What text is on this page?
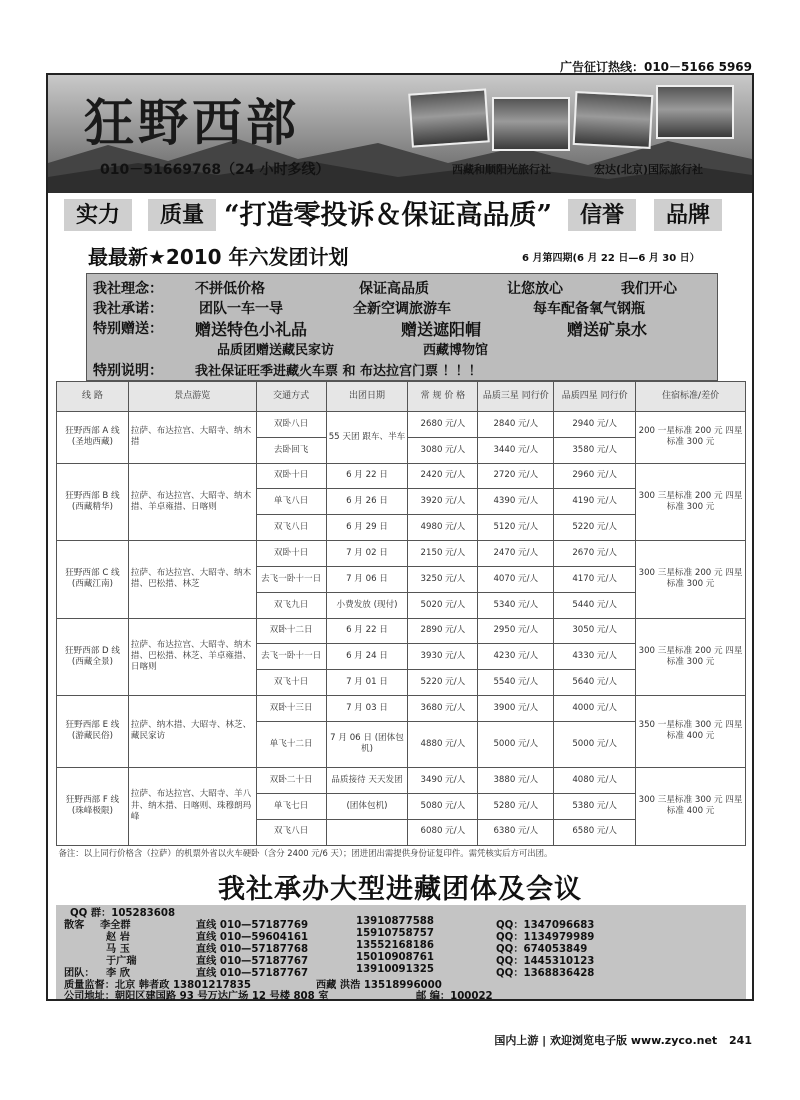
广告征订热线：010－5166 5969
狂野西部
010－51669768（24 小时多线）	西藏和顺阳光旅行社	宏达(北京)国际旅行社
实力	质量 “打造零投诉＆保证高品质”	信誉	品牌
最最新★2010 年六发团计划	6 月第四期(6 月 22 日—6 月 30 日）
我社理念： 不拼低价格	保证高品质	让您放心	我们开心
我社承诺：	团队一车一导	全新空调旅游车	每车配备氧气钢瓶
特别赠送： 赠送特色小礼品	赠送遮阳帽	赠送矿泉水
品质团赠送藏民家访	西藏博物馆
特别说明： 我社保证旺季进藏火车票 和 布达拉宫门票 ！！！
线 路	景点游览	交通方式	出团日期	常 规 价 格	品质三星 同行价	品质四星 同行价	住宿标准/差价
狂野西部 A 线 (圣地西藏)	拉萨、布达拉宫、大昭寺、纳木措	双卧八日	55 天团 跟车、半车	2680 元/人	2840 元/人	2940 元/人	200 一星标准 200 元 四星标准 300 元
		去卧回飞		3080 元/人	3440 元/人	3580 元/人	
狂野西部 B 线 (西藏精华)	拉萨、布达拉宫、大昭寺、纳木措、羊卓雍措、日喀则	双卧十日	6 月 22 日	2420 元/人	2720 元/人	2960 元/人	300 三星标准 200 元 四星标准 300 元
		单飞八日	6 月 26 日	3920 元/人	4390 元/人	4190 元/人	
		双飞八日	6 月 29 日	4980 元/人	5120 元/人	5220 元/人	
狂野西部 C 线 (西藏江南)	拉萨、布达拉宫、大昭寺、纳木措、巴松措、林芝	双卧十日	7 月 02 日	2150 元/人	2470 元/人	2670 元/人	300 三星标准 200 元 四星标准 300 元
		去飞一卧十一日	7 月 06 日	3250 元/人	4070 元/人	4170 元/人	
		双飞九日	小费发放 (现付)	5020 元/人	5340 元/人	5440 元/人	
狂野西部 D 线 (西藏全景)	拉萨、布达拉宫、大昭寺、纳木措、巴松措、林芝、羊卓雍措、日喀则	双卧十二日	6 月 22 日	2890 元/人	2950 元/人	3050 元/人	300 三星标准 200 元 四星标准 300 元
		去飞一卧十一日	6 月 24 日	3930 元/人	4230 元/人	4330 元/人	
		双飞十日	7 月 01 日	5220 元/人	5540 元/人	5640 元/人	
狂野西部 E 线 (游藏民俗)	拉萨、纳木措、大昭寺、林芝、藏民家访	双卧十三日	7 月 03 日	3680 元/人	3900 元/人	4000 元/人	350 一星标准 300 元 四星标准 400 元
		单飞十二日	7 月 06 日 (团体包机)	4880 元/人	5000 元/人	5000 元/人	
狂野西部 F 线 (珠峰极限)	拉萨、布达拉宫、大昭寺、羊八井、纳木措、日喀则、珠穆朗玛峰	双卧二十日	品质接待 天天发团	3490 元/人	3880 元/人	4080 元/人	300 三星标准 300 元 四星标准 400 元
		单飞七日	(团体包机)	5080 元/人	5280 元/人	5380 元/人	
		双飞八日		6080 元/人	6380 元/人	6580 元/人	
备注：以上同行价格含（拉萨）的机票外省以火车硬卧（含分 2400 元/6 天）；团进团出需提供身份证复印件。需凭核实后方可出团。							
我社承办大型进藏团体及会议
QQ 群：105283608
散客 李全群	直线 010—57187769	13910877588	QQ：1347096683
赵 岩	直线 010—59604161	15910758757	QQ：1134979989
马 玉	直线 010—57187768	13552168186	QQ：674053849
于广瑞	直线 010—57187767	15010908761	QQ：1445310123
团队： 李 欣	直线 010—57187767	13910091325	QQ：1368836428
质量监督：北京 韩者政 13801217835	西藏 洪浩 13518996000
公司地址：朝阳区建国路 93 号万达广场 12 号楼 808 室	邮 编：100022
国内上游 | 欢迎浏览电子版 www.zyco.net 241
